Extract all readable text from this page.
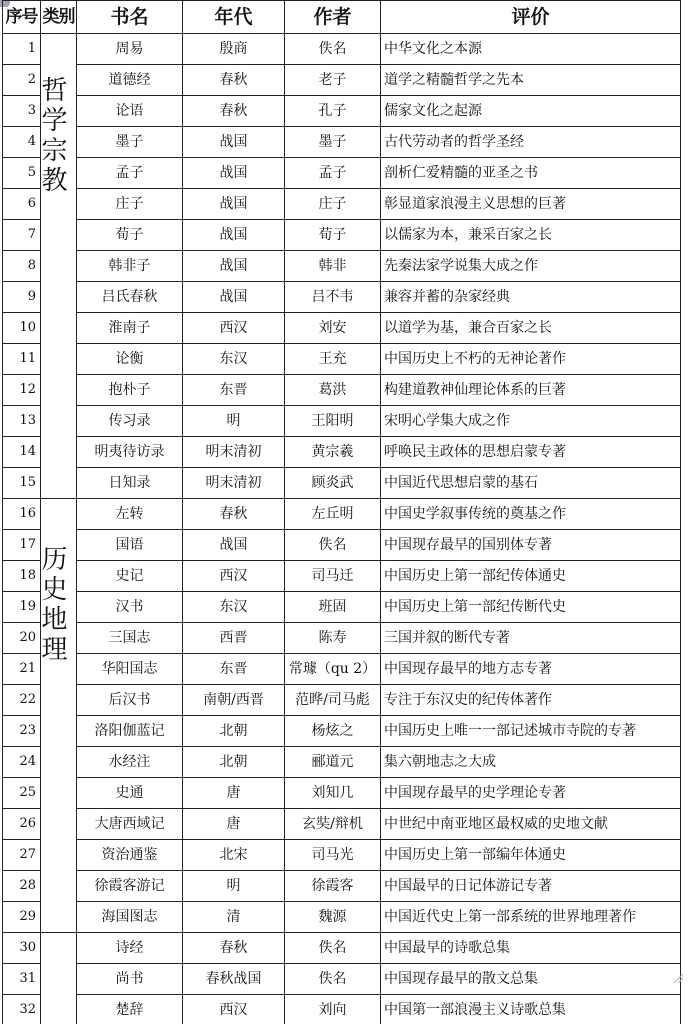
序号	类别	书名	年代	作者	评价
1	哲学宗教	周易	殷商	佚名	中华文化之本源
2		道德经	春秋	老子	道学之精髓哲学之先本
3		论语	春秋	孔子	儒家文化之起源
4		墨子	战国	墨子	古代劳动者的哲学圣经
5		孟子	战国	孟子	剖析仁爱精髓的亚圣之书
6		庄子	战国	庄子	彰显道家浪漫主义思想的巨著
7		荀子	战国	荀子	以儒家为本，兼采百家之长
8		韩非子	战国	韩非	先秦法家学说集大成之作
9		吕氏春秋	战国	吕不韦	兼容并蓄的杂家经典
10		淮南子	西汉	刘安	以道学为基，兼合百家之长
11		论衡	东汉	王充	中国历史上不朽的无神论著作
12		抱朴子	东晋	葛洪	构建道教神仙理论体系的巨著
13		传习录	明	王阳明	宋明心学集大成之作
14		明夷待访录	明末清初	黄宗羲	呼唤民主政体的思想启蒙专著
15		日知录	明末清初	顾炎武	中国近代思想启蒙的基石
16	历史地理	左转	春秋	左丘明	中国史学叙事传统的奠基之作
17		国语	战国	佚名	中国现存最早的国别体专著
18		史记	西汉	司马迁	中国历史上第一部纪传体通史
19		汉书	东汉	班固	中国历史上第一部纪传断代史
20		三国志	西晋	陈寿	三国并叙的断代专著
21		华阳国志	东晋	常璩（qu 2）	中国现存最早的地方志专著
22		后汉书	南朝/西晋	范晔/司马彪	专注于东汉史的纪传体著作
23		洛阳伽蓝记	北朝	杨炫之	中国历史上唯一一部记述城市寺院的专著
24		水经注	北朝	郦道元	集六朝地志之大成
25		史通	唐	刘知几	中国现存最早的史学理论专著
26		大唐西域记	唐	玄奘/辩机	中世纪中南亚地区最权威的史地文献
27		资治通鉴	北宋	司马光	中国历史上第一部编年体通史
28		徐霞客游记	明	徐霞客	中国最早的日记体游记专著
29		海国图志	清	魏源	中国近代史上第一部系统的世界地理著作
30		诗经	春秋	佚名	中国最早的诗歌总集
31		尚书	春秋战国	佚名	中国现存最早的散文总集
32		楚辞	西汉	刘向	中国第一部浪漫主义诗歌总集
